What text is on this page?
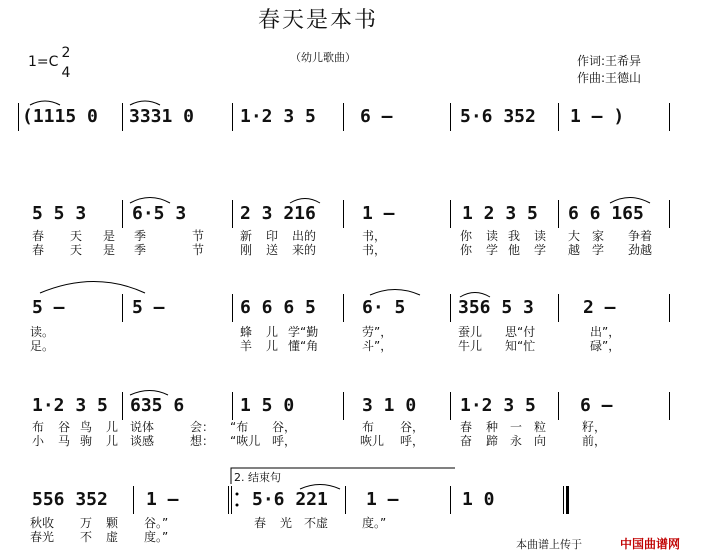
春天是本书
（幼儿歌曲）
1=C
2
4
作词:王希异
作曲:王德山
(1115 0 3331 0	1·2 3 5 6 –	5·6 352 1 – )
5 5 3	6·5 3	2 3 216	1 –	1 2 3 5 6 6 165
春 天 是 季	节	新 印 出的	书，	你 读 我 读 大 家 争着
春 天 是 季	节	刚 送 来的	书，	你 学 他 学 越 学 劲越
5 –	5 –	6 6 6 5	6· 5	356 5 3	2 –
读。	蜂 儿 学“勤	劳”，	蚕儿 思“付	出”，
足。	羊 儿 懂“角	斗”，	牛儿 知“忙	碌”，
1·2 3 5 635 6	1 5 0	3 1 0 1·2 3 5 6 –
布 谷 鸟 儿 说体	会： “布 谷，	布 谷，	春 种 一 粒	籽，
小 马 驹 儿 谈感	想： “咴儿 呼，	咴儿 呼，	奋 蹄 永 向	前，
556 352 1 –	5·6 221 1 –	1 0
秋收 万 颗 谷。”	春 光 不虚	度。”
春光 不 虚 度。”
2. 结束句
本曲谱上传于	中国曲谱网
